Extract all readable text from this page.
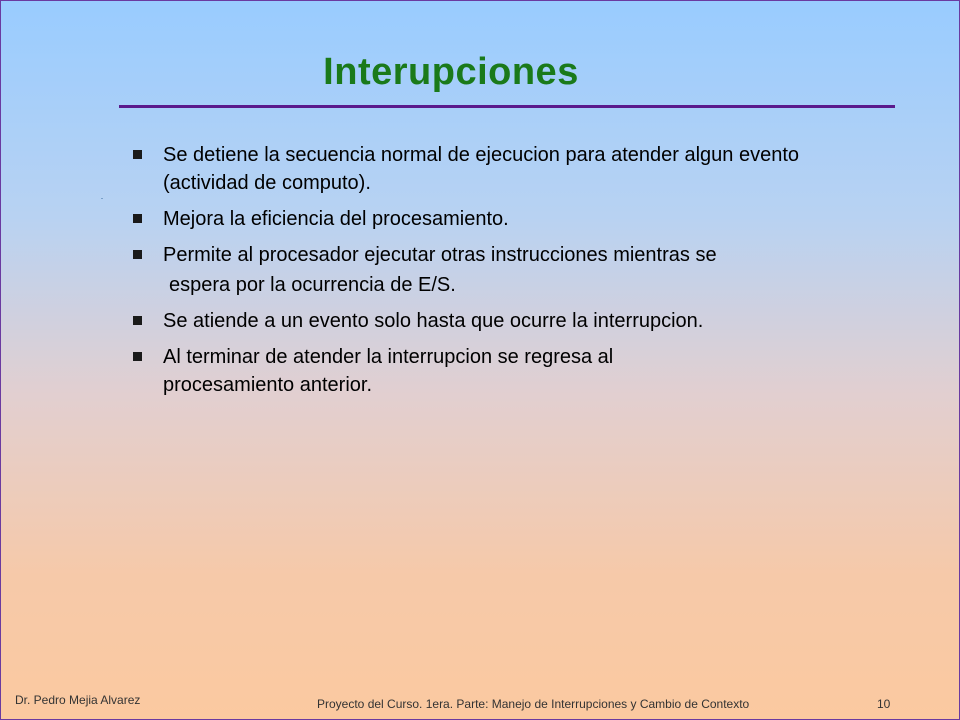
Interupciones
Se detiene la secuencia normal de ejecucion para atender algun evento (actividad de computo).
Mejora la eficiencia del procesamiento.
Permite al procesador ejecutar otras instrucciones mientras se
espera por la ocurrencia de E/S.
Se atiende a un evento solo hasta que ocurre la interrupcion.
Al terminar de atender la interrupcion se regresa al procesamiento anterior.
Dr. Pedro Mejia Alvarez	Proyecto del Curso. 1era. Parte: Manejo de Interrupciones y Cambio de Contexto	10
